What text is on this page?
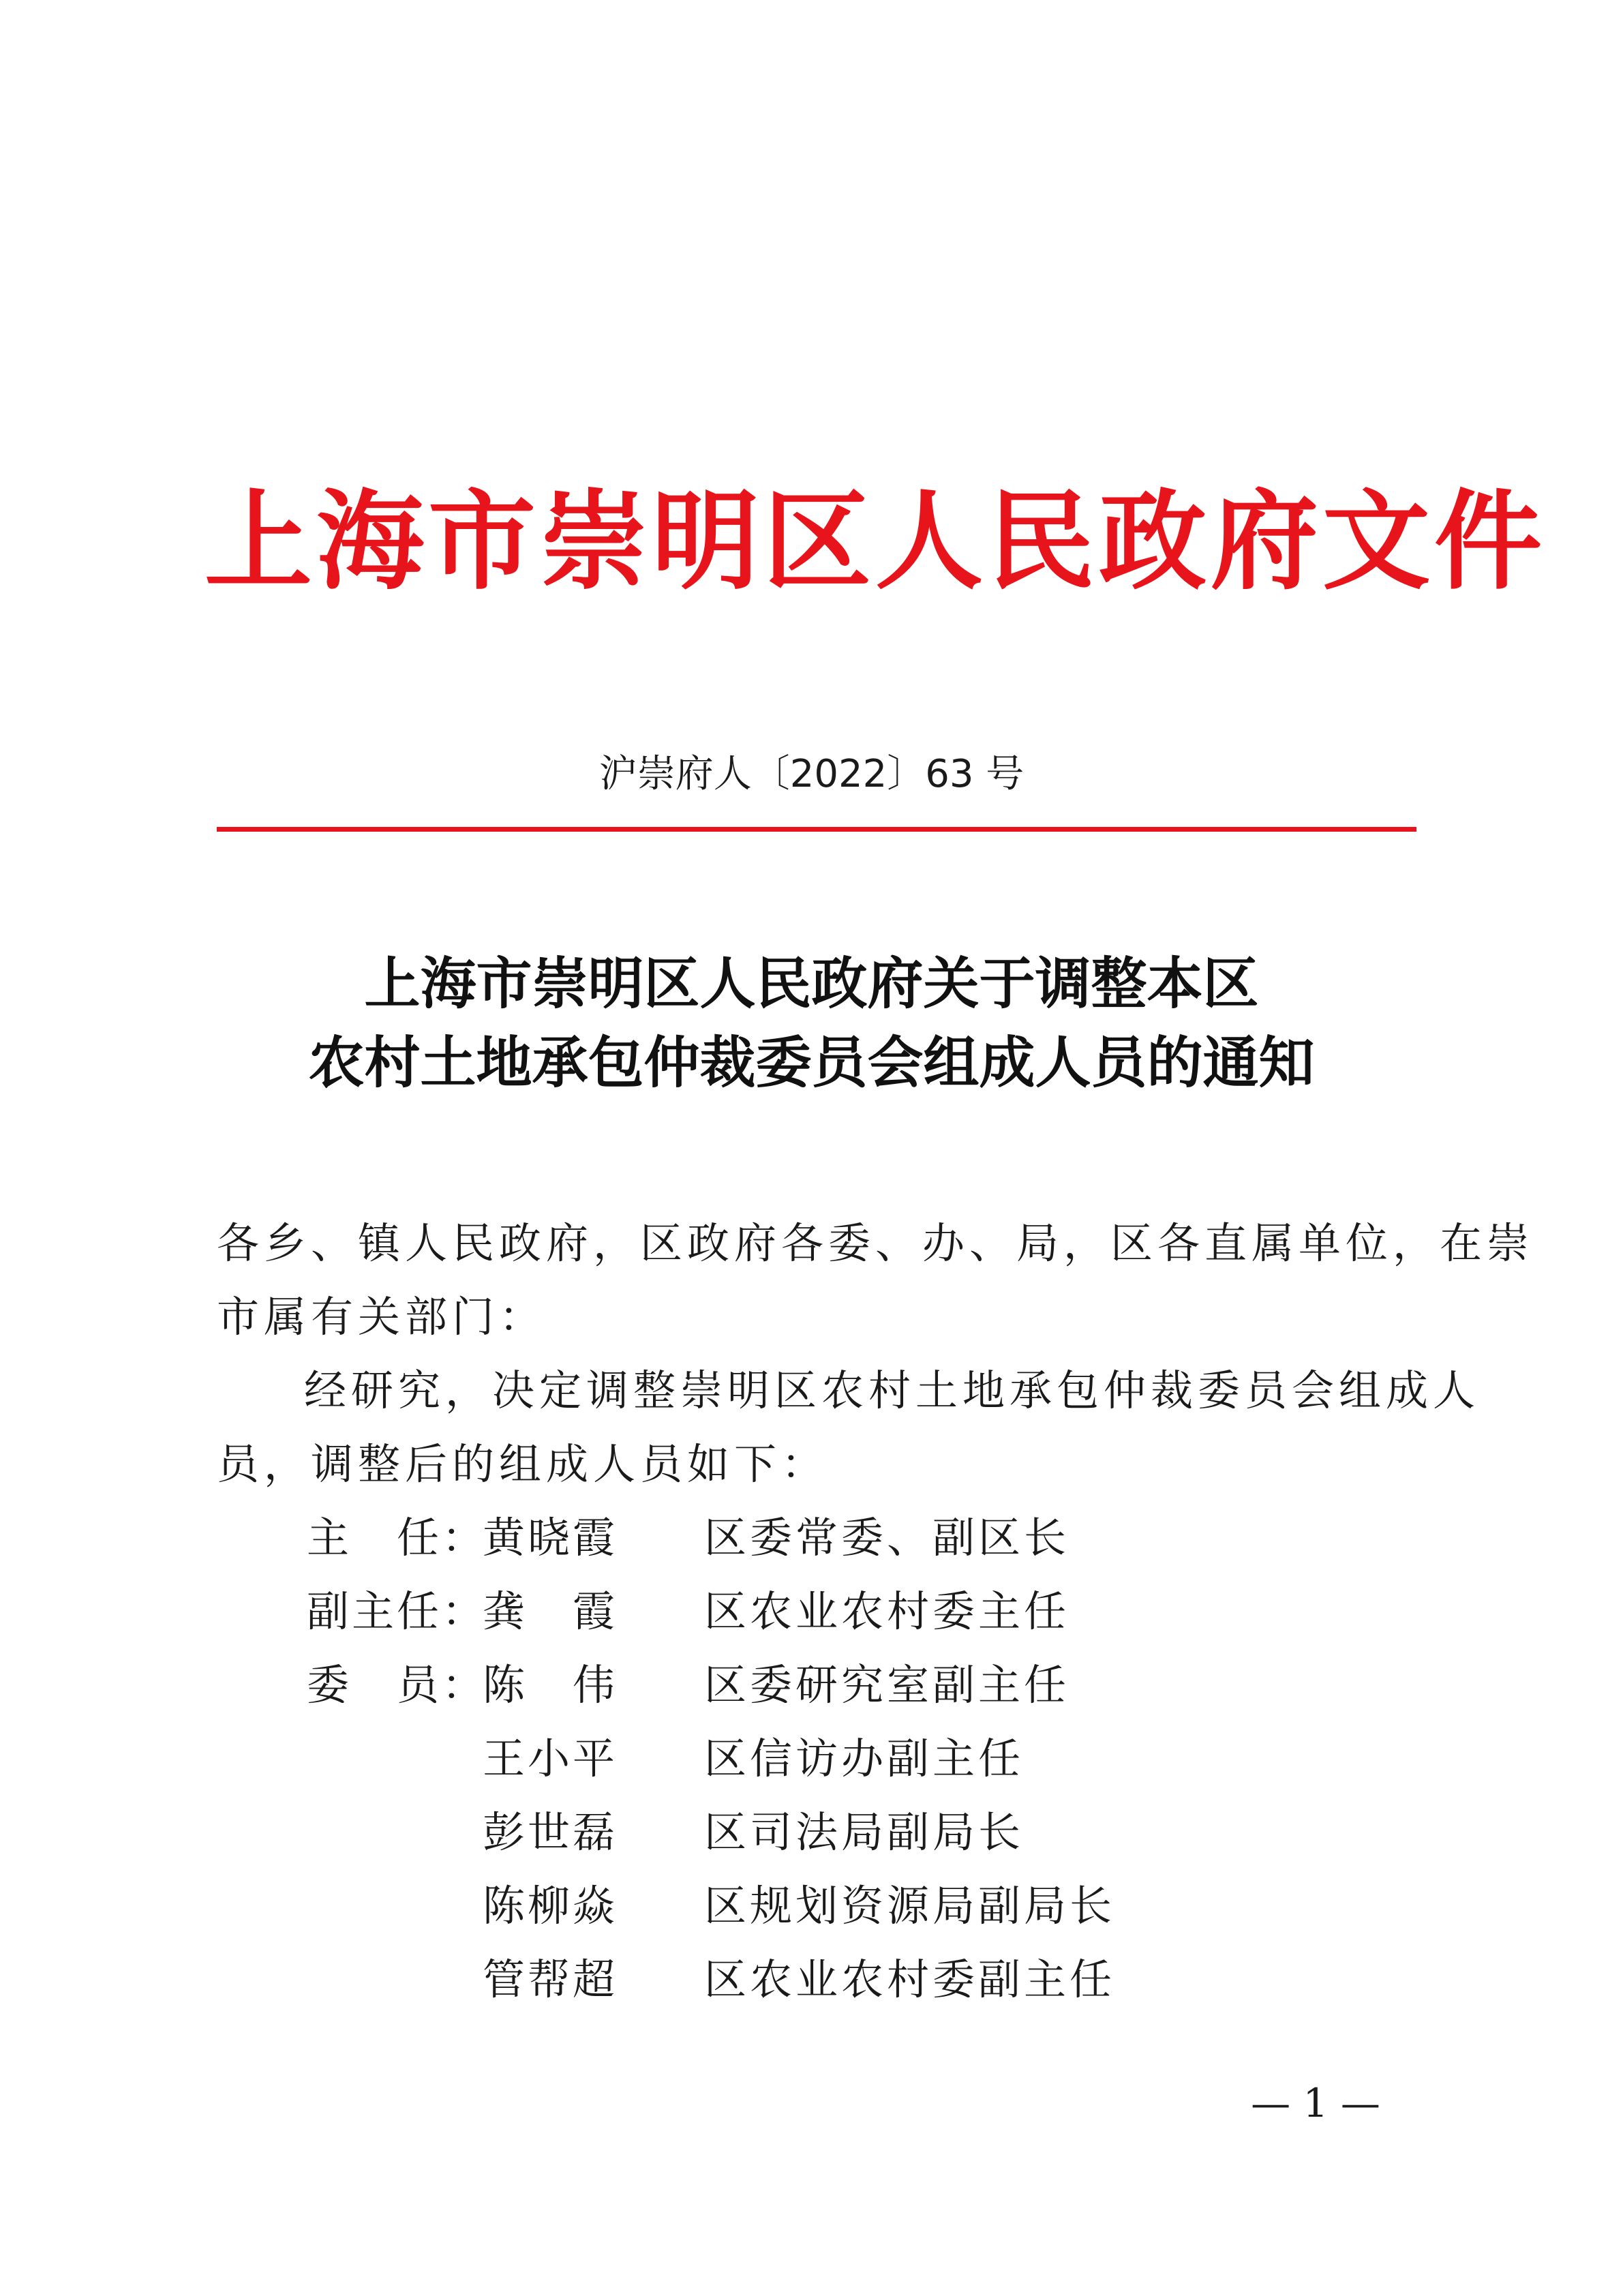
上海市崇明区人民政府文件
沪崇府人〔2022〕63 号
上海市崇明区人民政府关于调整本区
农村土地承包仲裁委员会组成人员的通知
各乡、镇人民政府，区政府各委、办、局，区各直属单位，在崇
市属有关部门：
经研究，决定调整崇明区农村土地承包仲裁委员会组成人
员，调整后的组成人员如下：
主　任：
黄晓霞	区委常委、副区长
副主任：
龚　霞	区农业农村委主任
委　员：
陈　伟	区委研究室副主任
王小平	区信访办副主任
彭世磊	区司法局副局长
陈柳焱	区规划资源局副局长
管帮超	区农业农村委副主任
— 1 —
